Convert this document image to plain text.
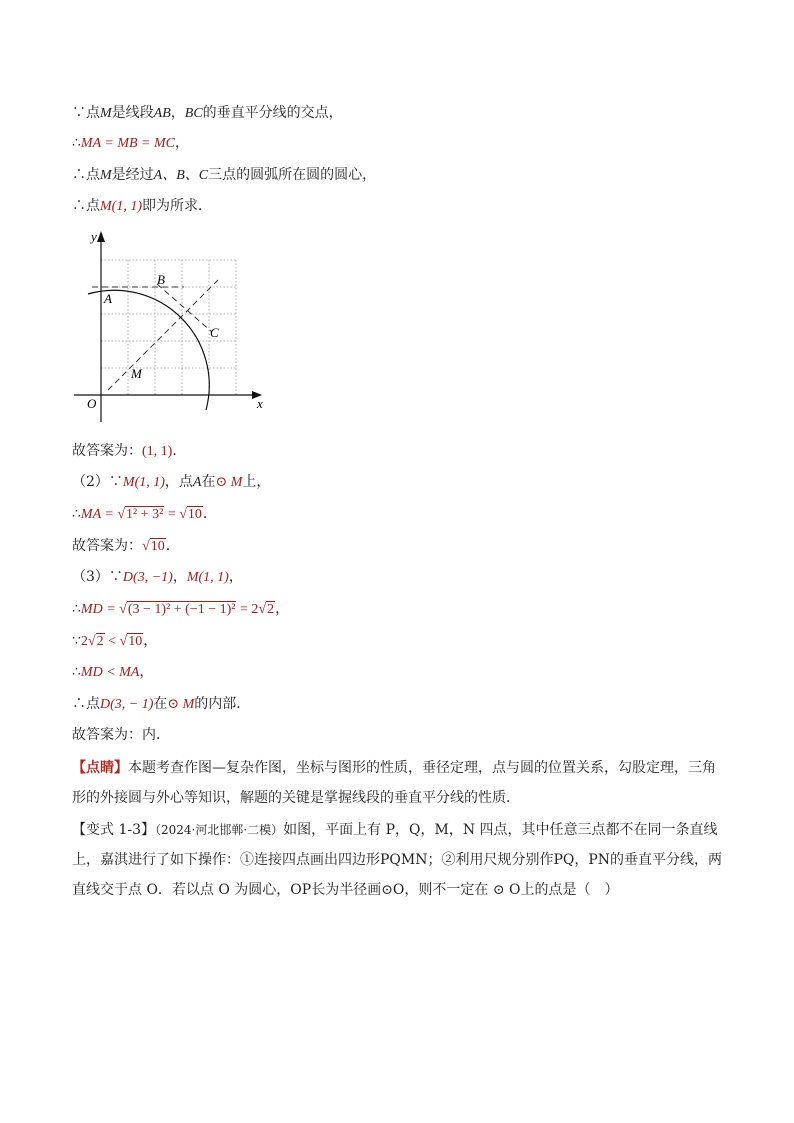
∵点M是线段AB，BC的垂直平分线的交点，
∴MA = MB = MC，
∴点M是经过A、B、C三点的圆弧所在圆的圆心，
∴点M(1, 1)即为所求．
y
x
O
A
B
C
M
故答案为：(1, 1)．
（2）∵M(1, 1)，点A在⊙ M上，
∴MA = √1² + 3² = √10.
故答案为：√10.
（3）∵D(3, −1)，M(1, 1)，
∴MD = √(3 − 1)² + (−1 − 1)² = 2√2，
∵2√2 < √10，
∴MD < MA，
∴点D(3, − 1)在⊙ M的内部．
故答案为：内．
【点睛】本题考查作图—复杂作图，坐标与图形的性质，垂径定理，点与圆的位置关系，勾股定理，三角形的外接圆与外心等知识，解题的关键是掌握线段的垂直平分线的性质．
【变式 1-3】（2024·河北邯郸·二模）如图，平面上有 P，Q，M，N 四点，其中任意三点都不在同一条直线上，嘉淇进行了如下操作：①连接四点画出四边形PQMN；②利用尺规分别作PQ，PN的垂直平分线，两直线交于点 O．若以点 O 为圆心，OP长为半径画⊙O，则不一定在 ⊙ O上的点是（　）
